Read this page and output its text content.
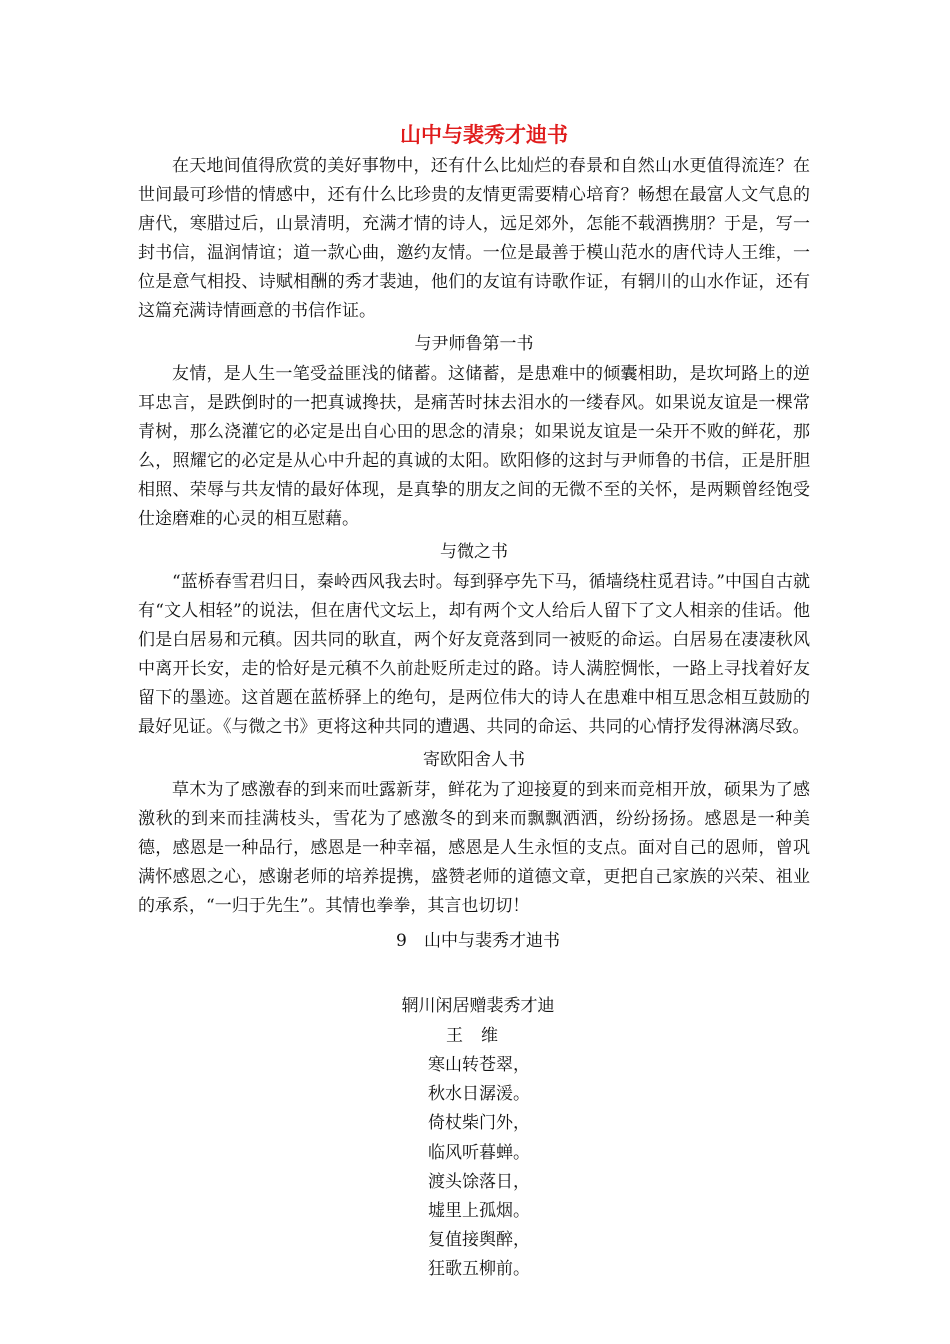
山中与裴秀才迪书

在天地间值得欣赏的美好事物中，还有什么比灿烂的春景和自然山水更值得流连？在世间最可珍惜的情感中，还有什么比珍贵的友情更需要精心培育？畅想在最富人文气息的唐代，寒腊过后，山景清明，充满才情的诗人，远足郊外，怎能不载酒携朋？于是，写一封书信，温润情谊；道一款心曲，邀约友情。一位是最善于模山范水的唐代诗人王维，一位是意气相投、诗赋相酬的秀才裴迪，他们的友谊有诗歌作证，有辋川的山水作证，还有这篇充满诗情画意的书信作证。

与尹师鲁第一书

友情，是人生一笔受益匪浅的储蓄。这储蓄，是患难中的倾囊相助，是坎坷路上的逆耳忠言，是跌倒时的一把真诚搀扶，是痛苦时抹去泪水的一缕春风。如果说友谊是一棵常青树，那么浇灌它的必定是出自心田的思念的清泉；如果说友谊是一朵开不败的鲜花，那么，照耀它的必定是从心中升起的真诚的太阳。欧阳修的这封与尹师鲁的书信，正是肝胆相照、荣辱与共友情的最好体现，是真挚的朋友之间的无微不至的关怀，是两颗曾经饱受仕途磨难的心灵的相互慰藉。

与微之书

“蓝桥春雪君归日，秦岭西风我去时。每到驿亭先下马，循墙绕柱觅君诗。”中国自古就有“文人相轻”的说法，但在唐代文坛上，却有两个文人给后人留下了文人相亲的佳话。他们是白居易和元稹。因共同的耿直，两个好友竟落到同一被贬的命运。白居易在凄凄秋风中离开长安，走的恰好是元稹不久前赴贬所走过的路。诗人满腔惆怅，一路上寻找着好友留下的墨迹。这首题在蓝桥驿上的绝句，是两位伟大的诗人在患难中相互思念相互鼓励的最好见证。《与微之书》更将这种共同的遭遇、共同的命运、共同的心情抒发得淋漓尽致。

寄欧阳舍人书

草木为了感激春的到来而吐露新芽，鲜花为了迎接夏的到来而竞相开放，硕果为了感激秋的到来而挂满枝头，雪花为了感激冬的到来而飘飘洒洒，纷纷扬扬。感恩是一种美德，感恩是一种品行，感恩是一种幸福，感恩是人生永恒的支点。面对自己的恩师，曾巩满怀感恩之心，感谢老师的培养提携，盛赞老师的道德文章，更把自己家族的兴荣、祖业的承系，“一归于先生”。其情也拳拳，其言也切切！

9 山中与裴秀才迪书
辋川闲居赠裴秀才迪
王维
寒山转苍翠，
秋水日潺湲。
倚杖柴门外，
临风听暮蝉。
渡头馀落日，
墟里上孤烟。
复值接舆醉，
狂歌五柳前。
